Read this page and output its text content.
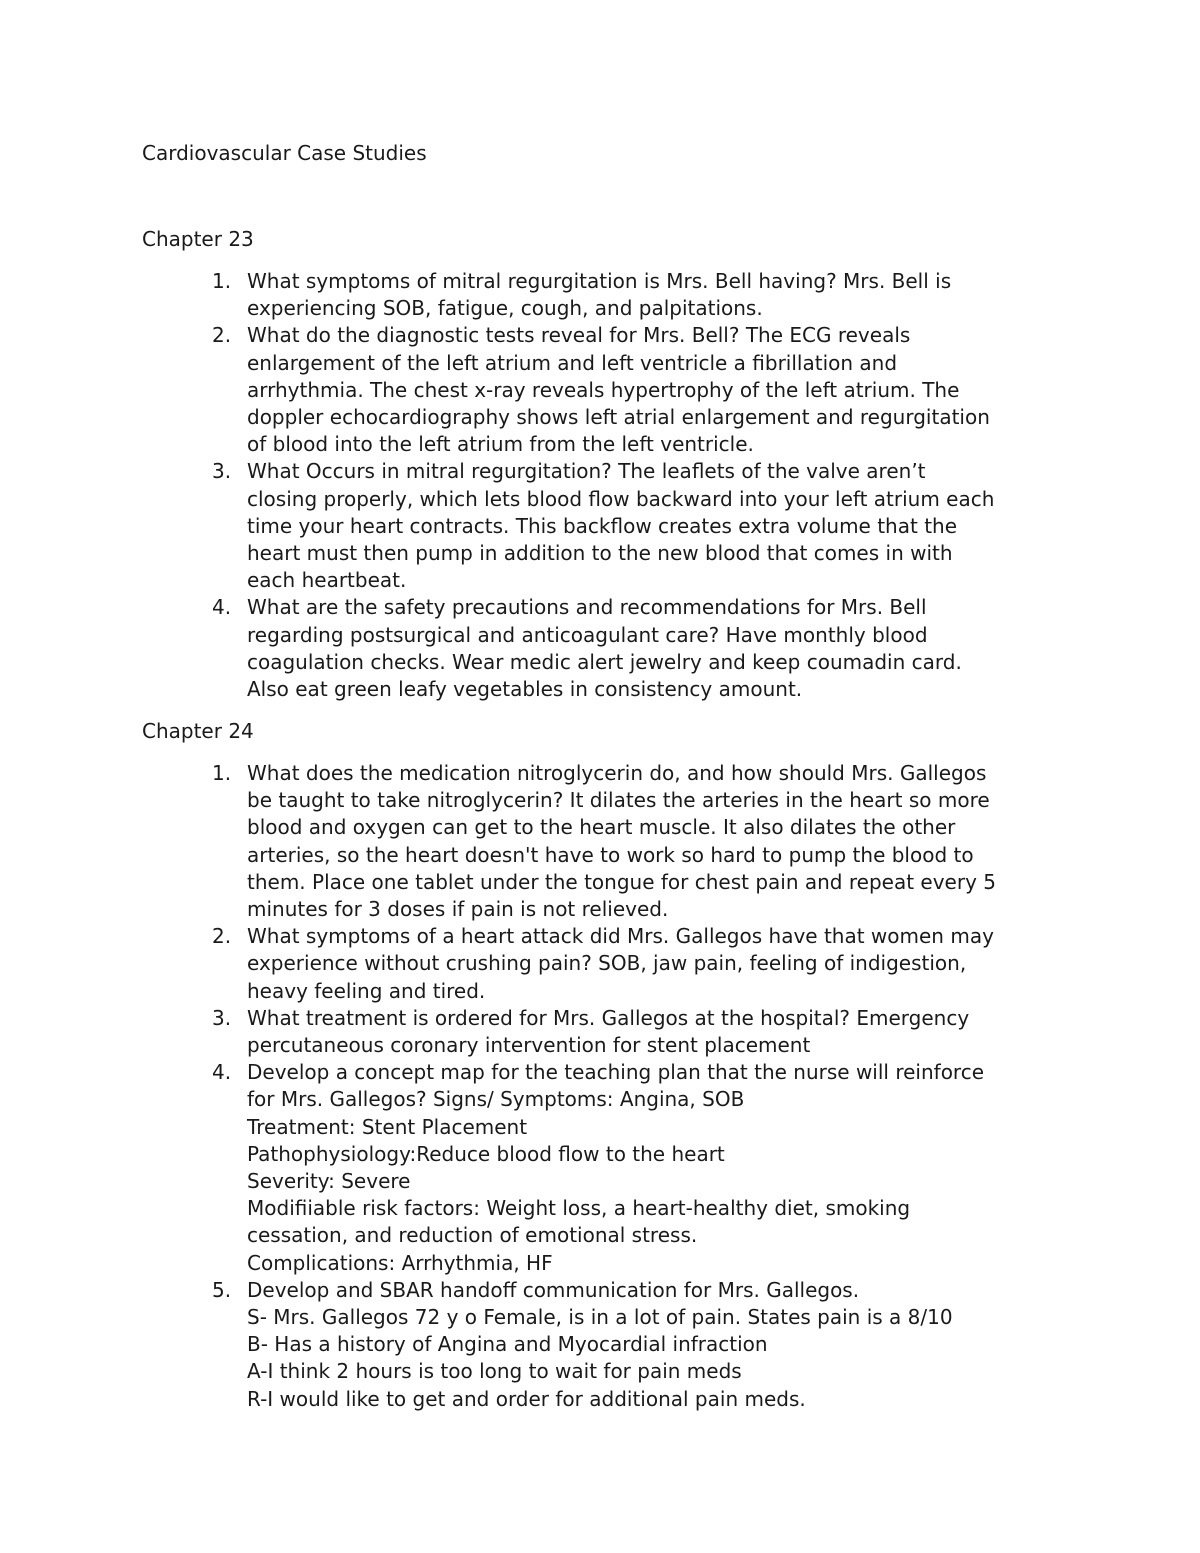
Cardiovascular Case Studies
Chapter 23
1. What symptoms of mitral regurgitation is Mrs. Bell having? Mrs. Bell is
experiencing SOB, fatigue, cough, and palpitations.
2. What do the diagnostic tests reveal for Mrs. Bell? The ECG reveals
enlargement of the left atrium and left ventricle a fibrillation and
arrhythmia. The chest x-ray reveals hypertrophy of the left atrium. The
doppler echocardiography shows left atrial enlargement and regurgitation
of blood into the left atrium from the left ventricle.
3. What Occurs in mitral regurgitation? The leaflets of the valve aren’t
closing properly, which lets blood flow backward into your left atrium each
time your heart contracts. This backflow creates extra volume that the
heart must then pump in addition to the new blood that comes in with
each heartbeat.
4. What are the safety precautions and recommendations for Mrs. Bell
regarding postsurgical and anticoagulant care? Have monthly blood
coagulation checks. Wear medic alert jewelry and keep coumadin card.
Also eat green leafy vegetables in consistency amount.
Chapter 24
1. What does the medication nitroglycerin do, and how should Mrs. Gallegos
be taught to take nitroglycerin? It dilates the arteries in the heart so more
blood and oxygen can get to the heart muscle. It also dilates the other
arteries, so the heart doesn't have to work so hard to pump the blood to
them. Place one tablet under the tongue for chest pain and repeat every 5
minutes for 3 doses if pain is not relieved.
2. What symptoms of a heart attack did Mrs. Gallegos have that women may
experience without crushing pain? SOB, jaw pain, feeling of indigestion,
heavy feeling and tired.
3. What treatment is ordered for Mrs. Gallegos at the hospital? Emergency
percutaneous coronary intervention for stent placement
4. Develop a concept map for the teaching plan that the nurse will reinforce
for Mrs. Gallegos? Signs/ Symptoms: Angina, SOB
Treatment: Stent Placement
Pathophysiology:Reduce blood flow to the heart
Severity: Severe
Modifiiable risk factors: Weight loss, a heart-healthy diet, smoking
cessation, and reduction of emotional stress.
Complications: Arrhythmia, HF
5. Develop and SBAR handoff communication for Mrs. Gallegos.
S- Mrs. Gallegos 72 y o Female, is in a lot of pain. States pain is a 8/10
B- Has a history of Angina and Myocardial infraction
A-I think 2 hours is too long to wait for pain meds
R-I would like to get and order for additional pain meds.
